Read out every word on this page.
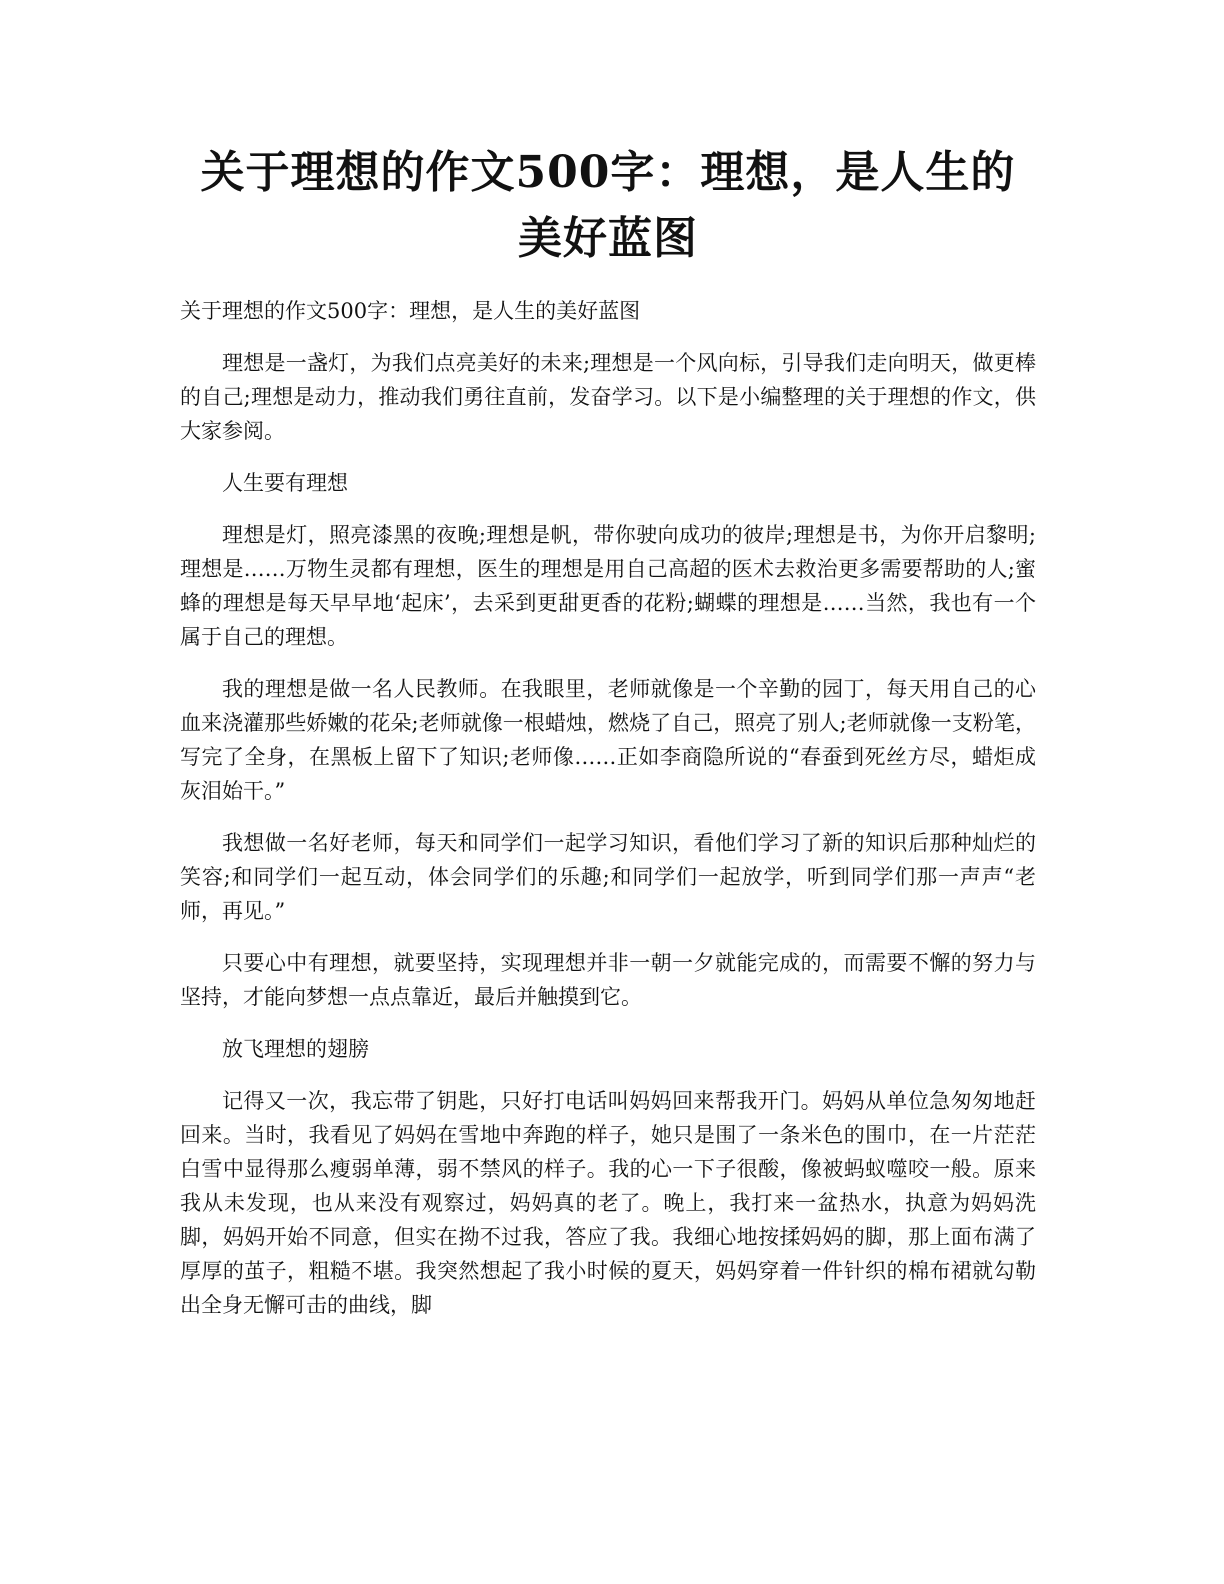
关于理想的作文500字：理想，是人生的美好蓝图

关于理想的作文500字：理想，是人生的美好蓝图

理想是一盏灯，为我们点亮美好的未来;理想是一个风向标，引导我们走向明天，做更棒的自己;理想是动力，推动我们勇往直前，发奋学习。以下是小编整理的关于理想的作文，供大家参阅。

人生要有理想

理想是灯，照亮漆黑的夜晚;理想是帆，带你驶向成功的彼岸;理想是书，为你开启黎明;理想是……万物生灵都有理想，医生的理想是用自己高超的医术去救治更多需要帮助的人;蜜蜂的理想是每天早早地‘起床’，去采到更甜更香的花粉;蝴蝶的理想是……当然，我也有一个属于自己的理想。

我的理想是做一名人民教师。在我眼里，老师就像是一个辛勤的园丁，每天用自己的心血来浇灌那些娇嫩的花朵;老师就像一根蜡烛，燃烧了自己，照亮了别人;老师就像一支粉笔，写完了全身，在黑板上留下了知识;老师像……正如李商隐所说的“春蚕到死丝方尽，蜡炬成灰泪始干。”

我想做一名好老师，每天和同学们一起学习知识，看他们学习了新的知识后那种灿烂的笑容;和同学们一起互动，体会同学们的乐趣;和同学们一起放学，听到同学们那一声声“老师，再见。”

只要心中有理想，就要坚持，实现理想并非一朝一夕就能完成的，而需要不懈的努力与坚持，才能向梦想一点点靠近，最后并触摸到它。

放飞理想的翅膀

记得又一次，我忘带了钥匙，只好打电话叫妈妈回来帮我开门。妈妈从单位急匆匆地赶回来。当时，我看见了妈妈在雪地中奔跑的样子，她只是围了一条米色的围巾，在一片茫茫白雪中显得那么瘦弱单薄，弱不禁风的样子。我的心一下子很酸，像被蚂蚁噬咬一般。原来我从未发现，也从来没有观察过，妈妈真的老了。晚上，我打来一盆热水，执意为妈妈洗脚，妈妈开始不同意，但实在拗不过我，答应了我。我细心地按揉妈妈的脚，那上面布满了厚厚的茧子，粗糙不堪。我突然想起了我小时候的夏天，妈妈穿着一件针织的棉布裙就勾勒出全身无懈可击的曲线，脚
